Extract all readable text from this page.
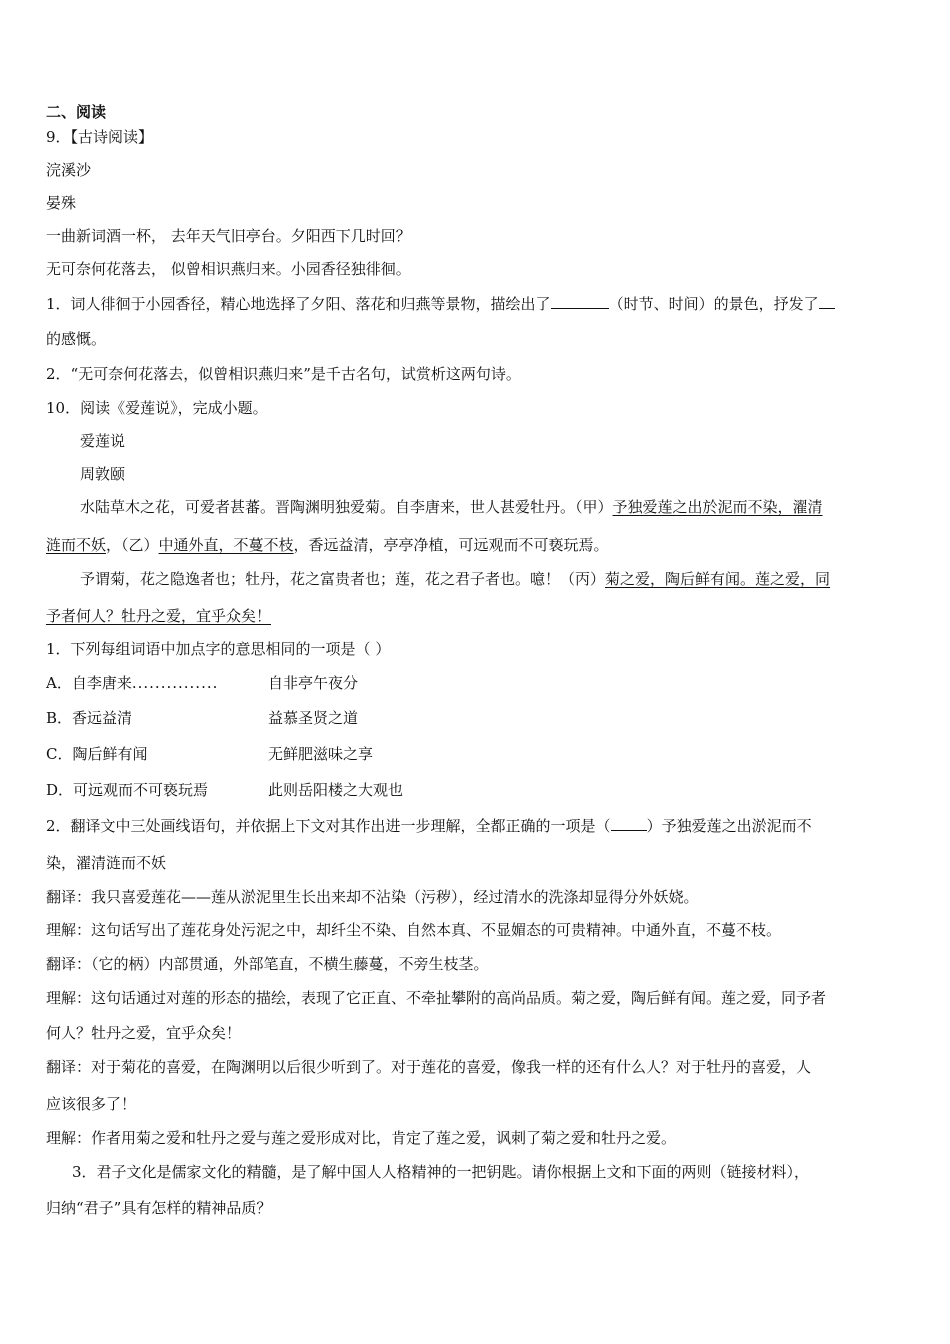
二、阅读
9．【古诗阅读】
浣溪沙
晏殊
一曲新词酒一杯， 去年天气旧亭台。夕阳西下几时回？
无可奈何花落去， 似曾相识燕归来。小园香径独徘徊。
1．词人徘徊于小园香径，精心地选择了夕阳、落花和归燕等景物，描绘出了	（时节、时间）的景色，抒发了
的感慨。
2．“无可奈何花落去，似曾相识燕归来”是千古名句，试赏析这两句诗。
10．阅读《爱莲说》，完成小题。
爱莲说
周敦颐
水陆草木之花，可爱者甚蕃。晋陶渊明独爱菊。自李唐来，世人甚爱牡丹。（甲）予独爱莲之出於泥而不染，濯清
涟而不妖，（乙）中通外直，不蔓不枝，香远益清，亭亭净植，可远观而不可亵玩焉。
予谓菊，花之隐逸者也；牡丹，花之富贵者也；莲，花之君子者也。噫！（丙）菊之爱，陶后鲜有闻。莲之爱，同
予者何人？牡丹之爱，宜乎众矣！
1．下列每组词语中加点字的意思相同的一项是（ ）
A．自李唐来...............	自非亭午夜分
B．香远益清	益慕圣贤之道
C．陶后鲜有闻	无鲜肥滋味之享
D．可远观而不可亵玩焉	此则岳阳楼之大观也
2．翻译文中三处画线语句，并依据上下文对其作出进一步理解，全都正确的一项是（ ）予独爱莲之出淤泥而不
染，濯清涟而不妖
翻译：我只喜爱莲花——莲从淤泥里生长出来却不沾染（污秽），经过清水的洗涤却显得分外妖娆。
理解：这句话写出了莲花身处污泥之中，却纤尘不染、自然本真、不显媚态的可贵精神。中通外直，不蔓不枝。
翻译：（它的柄）内部贯通，外部笔直，不横生藤蔓，不旁生枝茎。
理解：这句话通过对莲的形态的描绘，表现了它正直、不牵扯攀附的高尚品质。菊之爱，陶后鲜有闻。莲之爱，同予者
何人？牡丹之爱，宜乎众矣！
翻译：对于菊花的喜爱，在陶渊明以后很少听到了。对于莲花的喜爱，像我一样的还有什么人？对于牡丹的喜爱，人
应该很多了！
理解：作者用菊之爱和牡丹之爱与莲之爱形成对比，肯定了莲之爱，讽刺了菊之爱和牡丹之爱。
3．君子文化是儒家文化的精髓，是了解中国人人格精神的一把钥匙。请你根据上文和下面的两则（链接材料），
归纳“君子”具有怎样的精神品质？
